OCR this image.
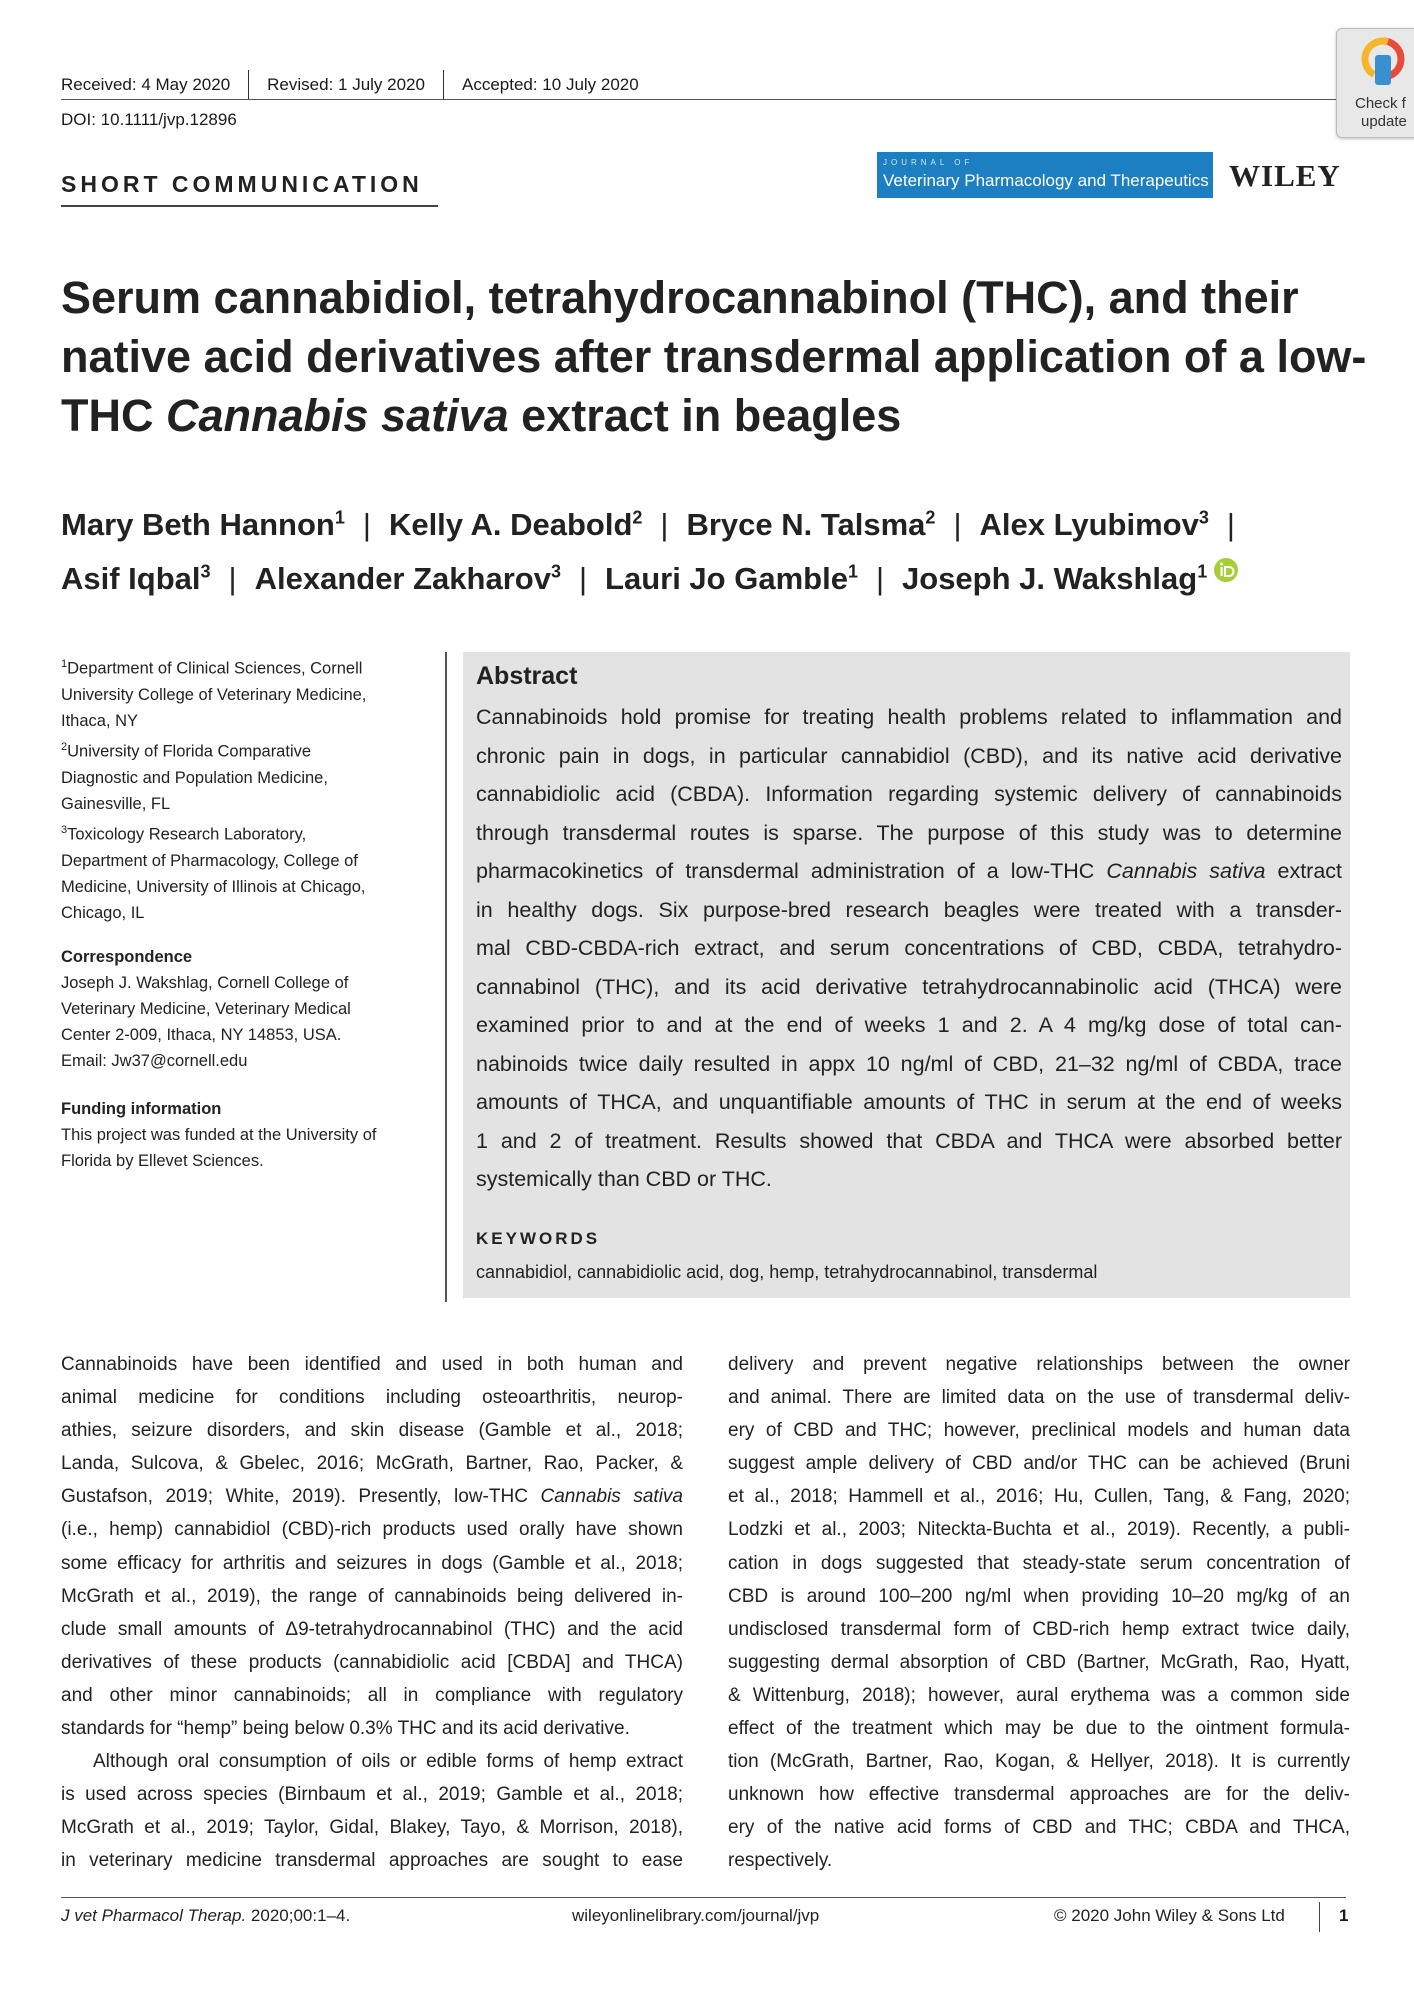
Received: 4 May 2020	Revised: 1 July 2020	Accepted: 10 July 2020
DOI: 10.1111/jvp.12896
Check f
update
SHORT COMMUNICATION
JOURNAL OF
Veterinary Pharmacology and Therapeutics WILEY
Serum cannabidiol, tetrahydrocannabinol (THC), and their
native acid derivatives after transdermal application of a low-
THC Cannabis sativa extract in beagles
Mary Beth Hannon$^1$ | Kelly A. Deabold$^2$ | Bryce N. Talsma$^2$ | Alex Lyubimov$^3$ |
Asif Iqbal$^3$ | Alexander Zakharov$^3$ | Lauri Jo Gamble$^1$ | Joseph J. Wakshlag$^1$
$^1$Department of Clinical Sciences, Cornell
University College of Veterinary Medicine,
Ithaca, NY
$^2$University of Florida Comparative
Diagnostic and Population Medicine,
Gainesville, FL
$^3$Toxicology Research Laboratory,
Department of Pharmacology, College of
Medicine, University of Illinois at Chicago,
Chicago, IL
Correspondence
Joseph J. Wakshlag, Cornell College of
Veterinary Medicine, Veterinary Medical
Center 2-009, Ithaca, NY 14853, USA.
Email: Jw37@cornell.edu
Funding information
This project was funded at the University of
Florida by Ellevet Sciences.
Abstract
Cannabinoids hold promise for treating health problems related to inflammation and
chronic pain in dogs, in particular cannabidiol (CBD), and its native acid derivative
cannabidiolic acid (CBDA). Information regarding systemic delivery of cannabinoids
through transdermal routes is sparse. The purpose of this study was to determine
pharmacokinetics of transdermal administration of a low-THC Cannabis sativa extract
in healthy dogs. Six purpose-bred research beagles were treated with a transder-
mal CBD-CBDA-rich extract, and serum concentrations of CBD, CBDA, tetrahydro-
cannabinol (THC), and its acid derivative tetrahydrocannabinolic acid (THCA) were
examined prior to and at the end of weeks 1 and 2. A 4 mg/kg dose of total can-
nabinoids twice daily resulted in appx 10 ng/ml of CBD, 21–32 ng/ml of CBDA, trace
amounts of THCA, and unquantifiable amounts of THC in serum at the end of weeks
1 and 2 of treatment. Results showed that CBDA and THCA were absorbed better
systemically than CBD or THC.
KEYWORDS
cannabidiol, cannabidiolic acid, dog, hemp, tetrahydrocannabinol, transdermal
Cannabinoids have been identified and used in both human and
animal medicine for conditions including osteoarthritis, neurop-
athies, seizure disorders, and skin disease (Gamble et al., 2018;
Landa, Sulcova, & Gbelec, 2016; McGrath, Bartner, Rao, Packer, &
Gustafson, 2019; White, 2019). Presently, low-THC Cannabis sativa
(i.e., hemp) cannabidiol (CBD)-rich products used orally have shown
some efficacy for arthritis and seizures in dogs (Gamble et al., 2018;
McGrath et al., 2019), the range of cannabinoids being delivered in-
clude small amounts of Δ9-tetrahydrocannabinol (THC) and the acid
derivatives of these products (cannabidiolic acid [CBDA] and THCA)
and other minor cannabinoids; all in compliance with regulatory
standards for “hemp” being below 0.3% THC and its acid derivative.
Although oral consumption of oils or edible forms of hemp extract
is used across species (Birnbaum et al., 2019; Gamble et al., 2018;
McGrath et al., 2019; Taylor, Gidal, Blakey, Tayo, & Morrison, 2018),
in veterinary medicine transdermal approaches are sought to ease
delivery and prevent negative relationships between the owner
and animal. There are limited data on the use of transdermal deliv-
ery of CBD and THC; however, preclinical models and human data
suggest ample delivery of CBD and/or THC can be achieved (Bruni
et al., 2018; Hammell et al., 2016; Hu, Cullen, Tang, & Fang, 2020;
Lodzki et al., 2003; Niteckta-Buchta et al., 2019). Recently, a publi-
cation in dogs suggested that steady-state serum concentration of
CBD is around 100–200 ng/ml when providing 10–20 mg/kg of an
undisclosed transdermal form of CBD-rich hemp extract twice daily,
suggesting dermal absorption of CBD (Bartner, McGrath, Rao, Hyatt,
& Wittenburg, 2018); however, aural erythema was a common side
effect of the treatment which may be due to the ointment formula-
tion (McGrath, Bartner, Rao, Kogan, & Hellyer, 2018). It is currently
unknown how effective transdermal approaches are for the deliv-
ery of the native acid forms of CBD and THC; CBDA and THCA,
respectively.
J vet Pharmacol Therap. 2020;00:1–4.	wileyonlinelibrary.com/journal/jvp	© 2020 John Wiley & Sons Ltd	1
